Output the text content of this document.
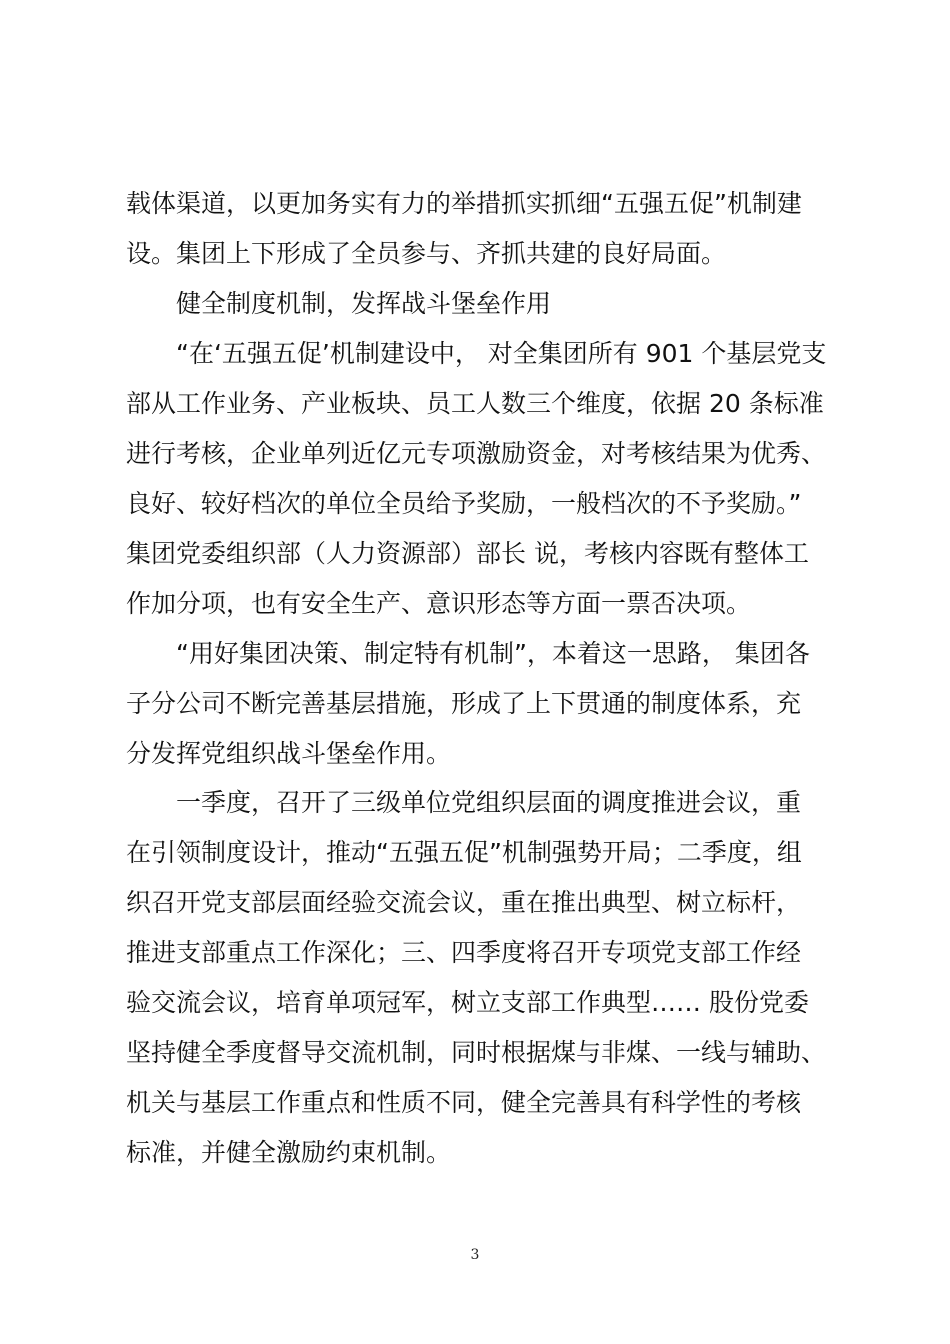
载体渠道，以更加务实有力的举措抓实抓细“五强五促”机制建
设。集团上下形成了全员参与、齐抓共建的良好局面。
健全制度机制，发挥战斗堡垒作用
“在‘五强五促’机制建设中， 对全集团所有 901 个基层党支
部从工作业务、产业板块、员工人数三个维度，依据 20 条标准
进行考核，企业单列近亿元专项激励资金，对考核结果为优秀、
良好、较好档次的单位全员给予奖励，一般档次的不予奖励。”
集团党委组织部（人力资源部）部长 说，考核内容既有整体工
作加分项，也有安全生产、意识形态等方面一票否决项。
“用好集团决策、制定特有机制”，本着这一思路， 集团各
子分公司不断完善基层措施，形成了上下贯通的制度体系，充
分发挥党组织战斗堡垒作用。
一季度，召开了三级单位党组织层面的调度推进会议，重
在引领制度设计，推动“五强五促”机制强势开局；二季度，组
织召开党支部层面经验交流会议，重在推出典型、树立标杆，
推进支部重点工作深化；三、四季度将召开专项党支部工作经
验交流会议，培育单项冠军，树立支部工作典型…… 股份党委
坚持健全季度督导交流机制，同时根据煤与非煤、一线与辅助、
机关与基层工作重点和性质不同，健全完善具有科学性的考核
标准，并健全激励约束机制。
3
